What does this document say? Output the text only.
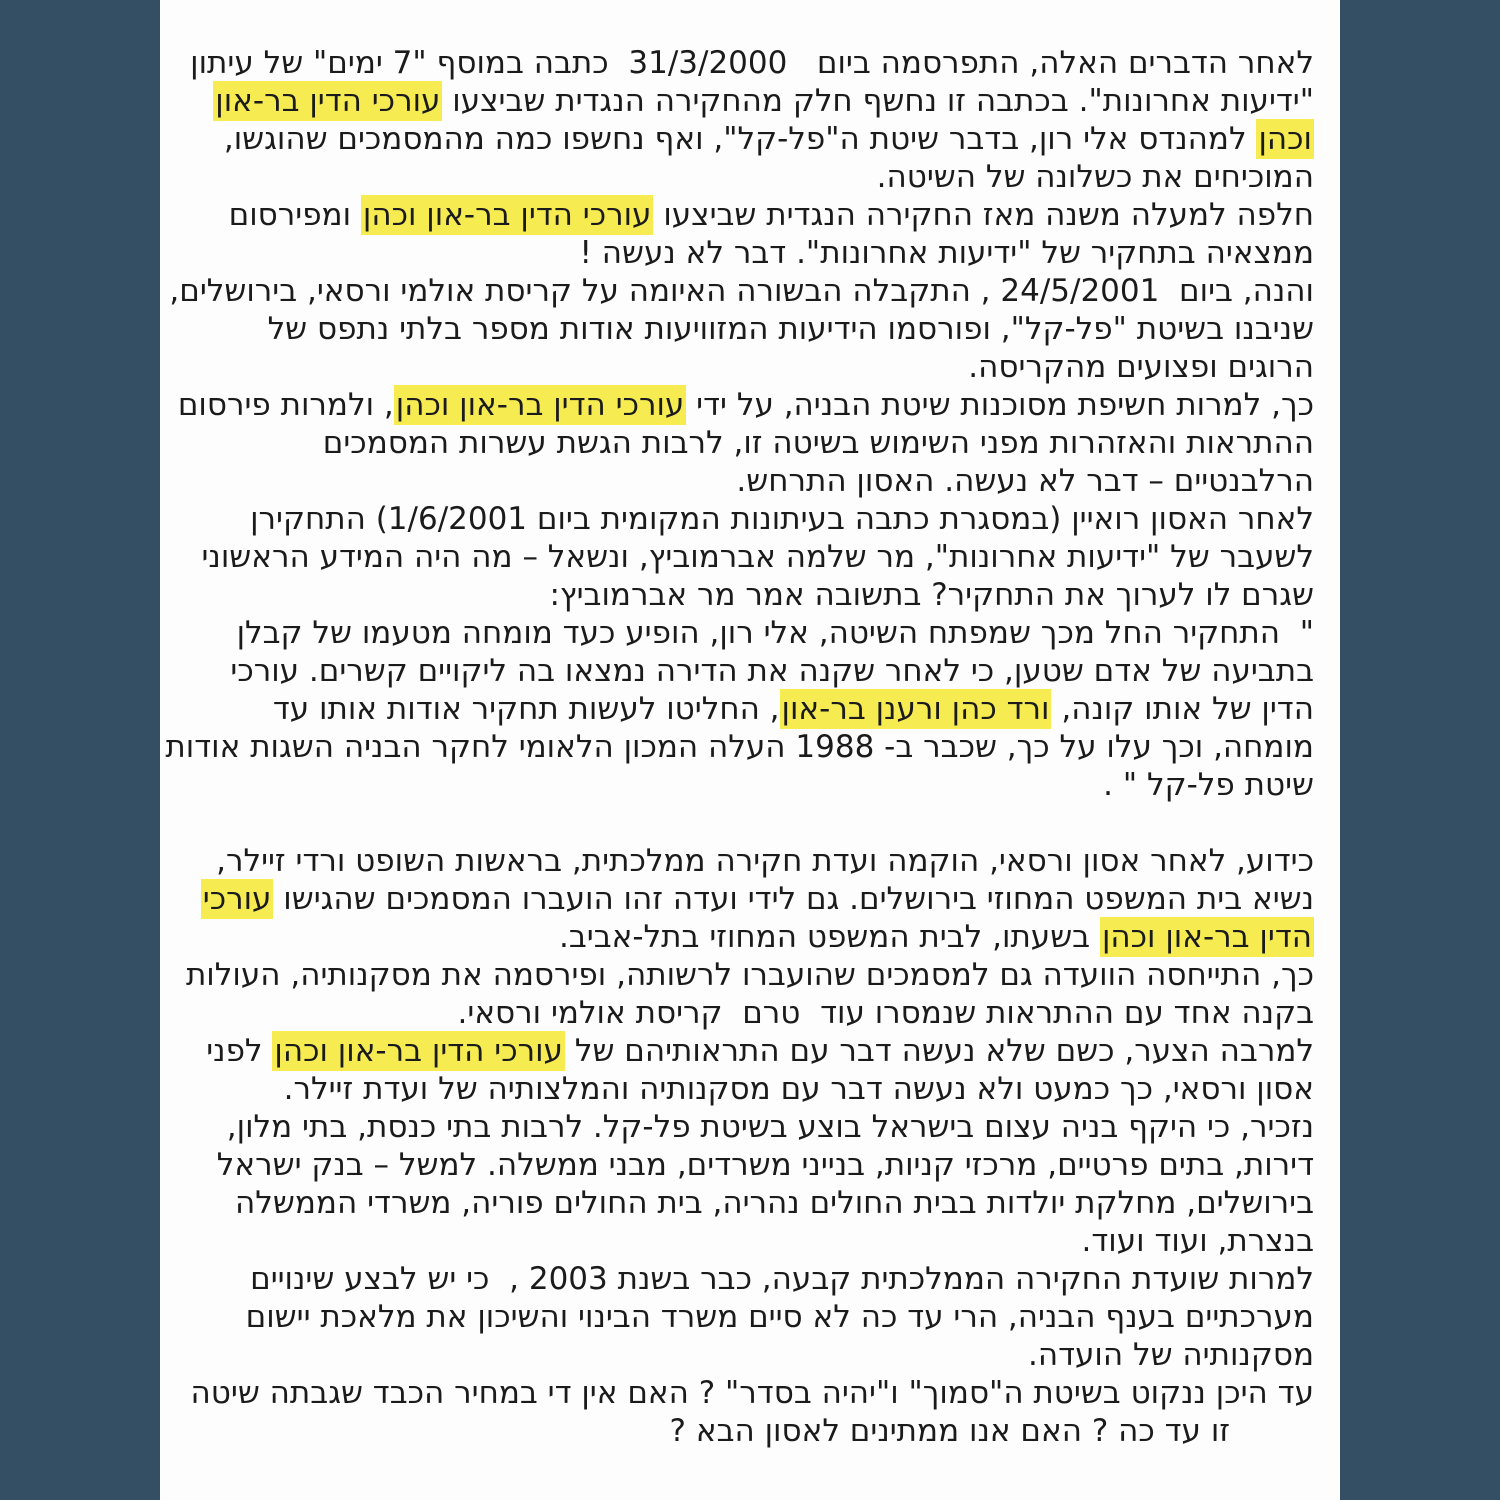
לאחר הדברים האלה, התפרסמה ביום   31/3/2000  כתבה במוסף "7 ימים" של עיתון
"ידיעות אחרונות". בכתבה זו נחשף חלק מהחקירה הנגדית שביצעו עורכי הדין בר-און
וכהן למהנדס אלי רון, בדבר שיטת ה"פל-קל", ואף נחשפו כמה מהמסמכים שהוגשו,
המוכיחים את כשלונה של השיטה.
חלפה למעלה משנה מאז החקירה הנגדית שביצעו עורכי הדין בר-און וכהן ומפירסום
ממצאיה בתחקיר של "ידיעות אחרונות". דבר לא נעשה !
והנה, ביום  24/5/2001 , התקבלה הבשורה האיומה על קריסת אולמי ורסאי, בירושלים,
שניבנו בשיטת "פל-קל", ופורסמו הידיעות המזוויעות אודות מספר בלתי נתפס של
הרוגים ופצועים מהקריסה.
כך, למרות חשיפת מסוכנות שיטת הבניה, על ידי עורכי הדין בר-און וכהן, ולמרות פירסום
ההתראות והאזהרות מפני השימוש בשיטה זו, לרבות הגשת עשרות המסמכים
הרלבנטיים – דבר לא נעשה. האסון התרחש.
לאחר האסון רואיין (במסגרת כתבה בעיתונות המקומית ביום 1/6/2001) התחקירן
לשעבר של "ידיעות אחרונות", מר שלמה אברמוביץ, ונשאל – מה היה המידע הראשוני
שגרם לו לערוך את התחקיר? בתשובה אמר מר אברמוביץ:
"  התחקיר החל מכך שמפתח השיטה, אלי רון, הופיע כעד מומחה מטעמו של קבלן
בתביעה של אדם שטען, כי לאחר שקנה את הדירה נמצאו בה ליקויים קשרים. עורכי
הדין של אותו קונה, ורד כהן ורענן בר-און, החליטו לעשות תחקיר אודות אותו עד
מומחה, וכך עלו על כך, שכבר ב- 1988 העלה המכון הלאומי לחקר הבניה השגות אודות
שיטת פל-קל " .
כידוע, לאחר אסון ורסאי, הוקמה ועדת חקירה ממלכתית, בראשות השופט ורדי זיילר,
נשיא בית המשפט המחוזי בירושלים. גם לידי ועדה זהו הועברו המסמכים שהגישו עורכי
הדין בר-און וכהן בשעתו, לבית המשפט המחוזי בתל-אביב.
כך, התייחסה הוועדה גם למסמכים שהועברו לרשותה, ופירסמה את מסקנותיה, העולות
בקנה אחד עם ההתראות שנמסרו עוד  טרם  קריסת אולמי ורסאי.
למרבה הצער, כשם שלא נעשה דבר עם התראותיהם של עורכי הדין בר-און וכהן לפני
אסון ורסאי, כך כמעט ולא נעשה דבר עם מסקנותיה והמלצותיה של ועדת זיילר.
נזכיר, כי היקף בניה עצום בישראל בוצע בשיטת פל-קל. לרבות בתי כנסת, בתי מלון,
דירות, בתים פרטיים, מרכזי קניות, בנייני משרדים, מבני ממשלה. למשל – בנק ישראל
בירושלים, מחלקת יולדות בבית החולים נהריה, בית החולים פוריה, משרדי הממשלה
בנצרת, ועוד ועוד.
למרות שועדת החקירה הממלכתית קבעה, כבר בשנת 2003 ,  כי יש לבצע שינויים
מערכתיים בענף הבניה, הרי עד כה לא סיים משרד הבינוי והשיכון את מלאכת יישום
מסקנותיה של הועדה.
עד היכן ננקוט בשיטת ה"סמוך" ו"יהיה בסדר" ? האם אין די במחיר הכבד שגבתה שיטה
זו עד כה ? האם אנו ממתינים לאסון הבא ?
